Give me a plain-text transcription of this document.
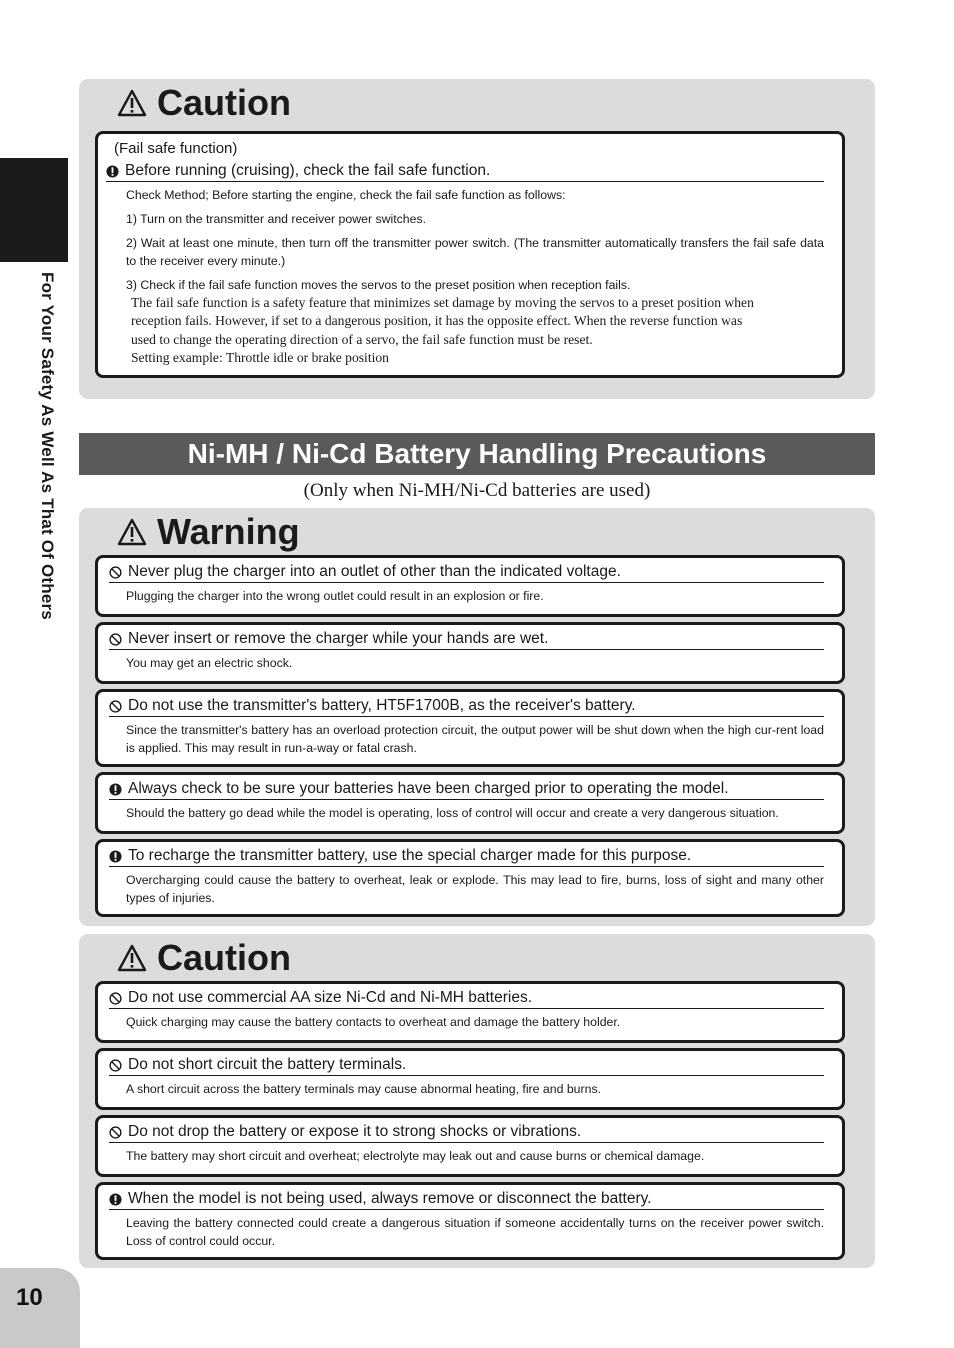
For Your Safety As Well As That Of Others
Caution
(Fail safe function)
Before running (cruising), check the fail safe function.
Check Method; Before starting the engine, check the fail safe function as follows:
1) Turn on the transmitter and receiver power switches.
2) Wait at least one minute, then turn off the transmitter power switch. (The transmitter automatically transfers the fail safe data to the receiver every minute.)
3) Check if the fail safe function moves the servos to the preset position when reception fails.
The fail safe function is a safety feature that minimizes set damage by moving the servos to a preset position when
reception fails. However, if set to a dangerous position, it has the opposite effect. When the reverse function was
used to change the operating direction of a servo, the fail safe function must be reset.
Setting example: Throttle idle or brake position
Ni-MH / Ni-Cd Battery Handling Precautions
(Only when Ni-MH/Ni-Cd batteries are used)
Warning
Never plug the charger into an outlet of other than the indicated voltage.
Plugging the charger into the wrong outlet could result in an explosion or fire.
Never insert or remove the charger while your hands are wet.
You may get an electric shock.
Do not use the transmitter's battery, HT5F1700B, as the receiver's battery.
Since the transmitter's battery has an overload protection circuit, the output power will be shut down when the high cur-rent load is applied. This may result in run-a-way or fatal crash.
Always check to be sure your batteries have been charged prior to operating the model.
Should the battery go dead while the model is operating, loss of control will occur and create a very dangerous situation.
To recharge the transmitter battery, use the special charger made for this purpose.
Overcharging could cause the battery to overheat, leak or explode. This may lead to fire, burns, loss of sight and many other types of injuries.
Caution
Do not use commercial AA size Ni-Cd and Ni-MH batteries.
Quick charging may cause the battery contacts to overheat and damage the battery holder.
Do not short circuit the battery terminals.
A short circuit across the battery terminals may cause abnormal heating, fire and burns.
Do not drop the battery or expose it to strong shocks or vibrations.
The battery may short circuit and overheat; electrolyte may leak out and cause burns or chemical damage.
When the model is not being used, always remove or disconnect the battery.
Leaving the battery connected could create a dangerous situation if someone accidentally turns on the receiver power switch. Loss of control could occur.
10
